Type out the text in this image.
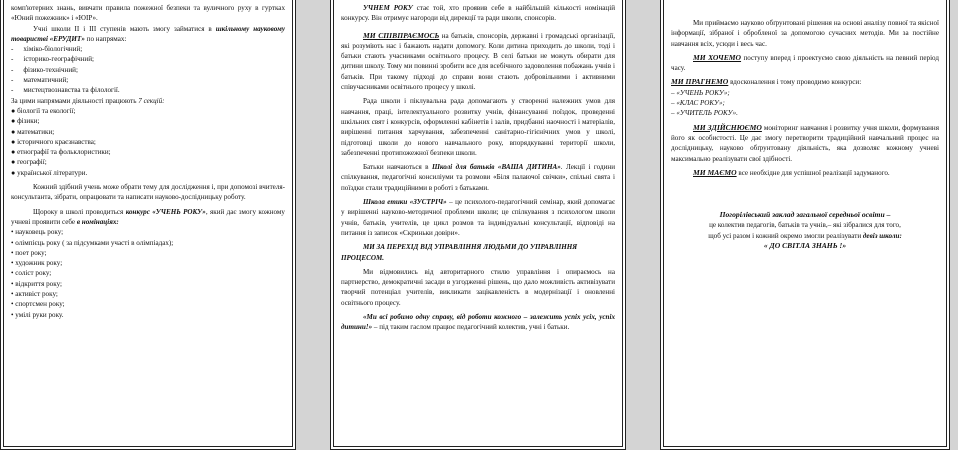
комп'ютерних знань, вивчати правила пожежної безпеки та вуличного руху в гуртках «Юний пожежник» і «ЮІР».

Учні школи II і III ступенів мають змогу займатися в шкільному науковому товаристві «ЕРУДИТ» по напрямах:

- хіміко-біологічний;

- історико-географічний;

- фізико-технічний;

- математичний;

- мистецтвознавства та філології.

За цими напрямами діяльності працюють 7 секцій:

● біології та екології;

● фізики;

● математики;

● історичного краєзнавства;

● етнографії та фольклористики;

● географії;

● української літератури.

Кожний здібний учень може обрати тему для дослідження і, при допомозі вчителя-консультанта, зібрати, опрацювати та написати науково-дослідницьку роботу.

Щороку в школі проводиться конкурс «УЧЕНЬ РОКУ», який дає змогу кожному учневі проявити себе в номінаціях:

• науковець року;

• олімпієць року ( за підсумками участі в олімпіадах);

• поет року;

• художник року;

• соліст року;

• відкриття року;

• активіст року;

• спортсмен року;

• умілі руки року.

УЧНЕМ РОКУ стає той, хто проявив себе в найбільшій кількості номінацій конкурсу. Він отримує нагороди від дирекції та ради школи, спонсорів.

МИ СПІВПРАЄМОСЬ на батьків, спонсорів, державні і громадські організації, які розуміють нас і бажають надати допомогу. Коли дитина приходить до школи, тоді і батьки стають учасниками освітнього процесу. В селі батьки не можуть обирати для дитини школу. Тому ми повинні зробити все для всебічного задоволення побажань учнів і батьків. При такому підході до справи вони стають добровільними і активними співучасниками освітнього процесу у школі.

Рада школи і піклувальна рада допомагають у створенні належних умов для навчання, праці, інтелектуального розвитку учнів, фінансуванні поїздок, проведенні шкільних свят і конкурсів, оформленні кабінетів і залів, придбанні наочності і матеріалів, вирішенні питання харчування, забезпеченні санітарно-гігієнічних умов у школі, підготовці школи до нового навчального року, впорядкуванні території школи, забезпеченні протипожежної безпеки школи.

Батьки навчаються в Школі для батьків «ВАША ДИТИНА». Лекції і години спілкування, педагогічні консиліуми та розмови «Біля палаючої свічки», спільні свята і поїздки стали традиційними в роботі з батьками.

Школа етики «ЗУСТРІЧ» – це психолого-педагогічний семінар, який допомагає у вирішенні науково-методичної проблеми школи; це спілкування з психологом школи учнів, батьків, учителів, це цикл розмов та індивідуальні консультації, відповіді на питання із записок «Скриньки довіри».

МИ ЗА ПЕРЕХІД ВІД УПРАВЛІННЯ ЛЮДЬМИ ДО УПРАВЛІННЯ ПРОЦЕСОМ.

Ми відмовились від авторитарного стилю управління і опираємось на партнерство, демократичні засади в узгодженні рішень, що дало можливість активізувати творчий потенціал учителів, викликати зацікавленість в модернізації і оновленні освітнього процесу.

«Ми всі робимо одну справу, від роботи кожного – залежить успіх усіх, успіх дитини!» – під таким гаслом працює педагогічний колектив, учні і батьки.

Ми приймаємо науково обґрунтовані рішення на основі аналізу повної та якісної інформації, зібраної і обробленої за допомогою сучасних методів. Ми за постійне навчання всіх, усюди і весь час.

МИ ХОЧЕМО поступу вперед і проектуємо свою діяльність на певний період часу.

МИ ПРАГНЕМО вдосконалення і тому проводимо конкурси:

– «УЧЕНЬ РОКУ»;

– «КЛАС РОКУ»;

– «УЧИТЕЛЬ РОКУ».

МИ ЗДІЙСНЮЄМО моніторинг навчання і розвитку учня школи, формування його як особистості. Це дає змогу перетворити традиційний навчальний процес на дослідницьку, науково обґрунтовану діяльність, яка дозволяє кожному учневі максимально реалізувати свої здібності.

МИ МАЄМО все необхідне для успішної реалізації задуманого.

Погорілівський заклад загальної середньої освіти –

це колектив педагогів, батьків та учнів,– які зібралися для того,

щоб усі разом і кожний окремо змогли реалізувати девіз школи:

« ДО СВІТЛА ЗНАНЬ !»
